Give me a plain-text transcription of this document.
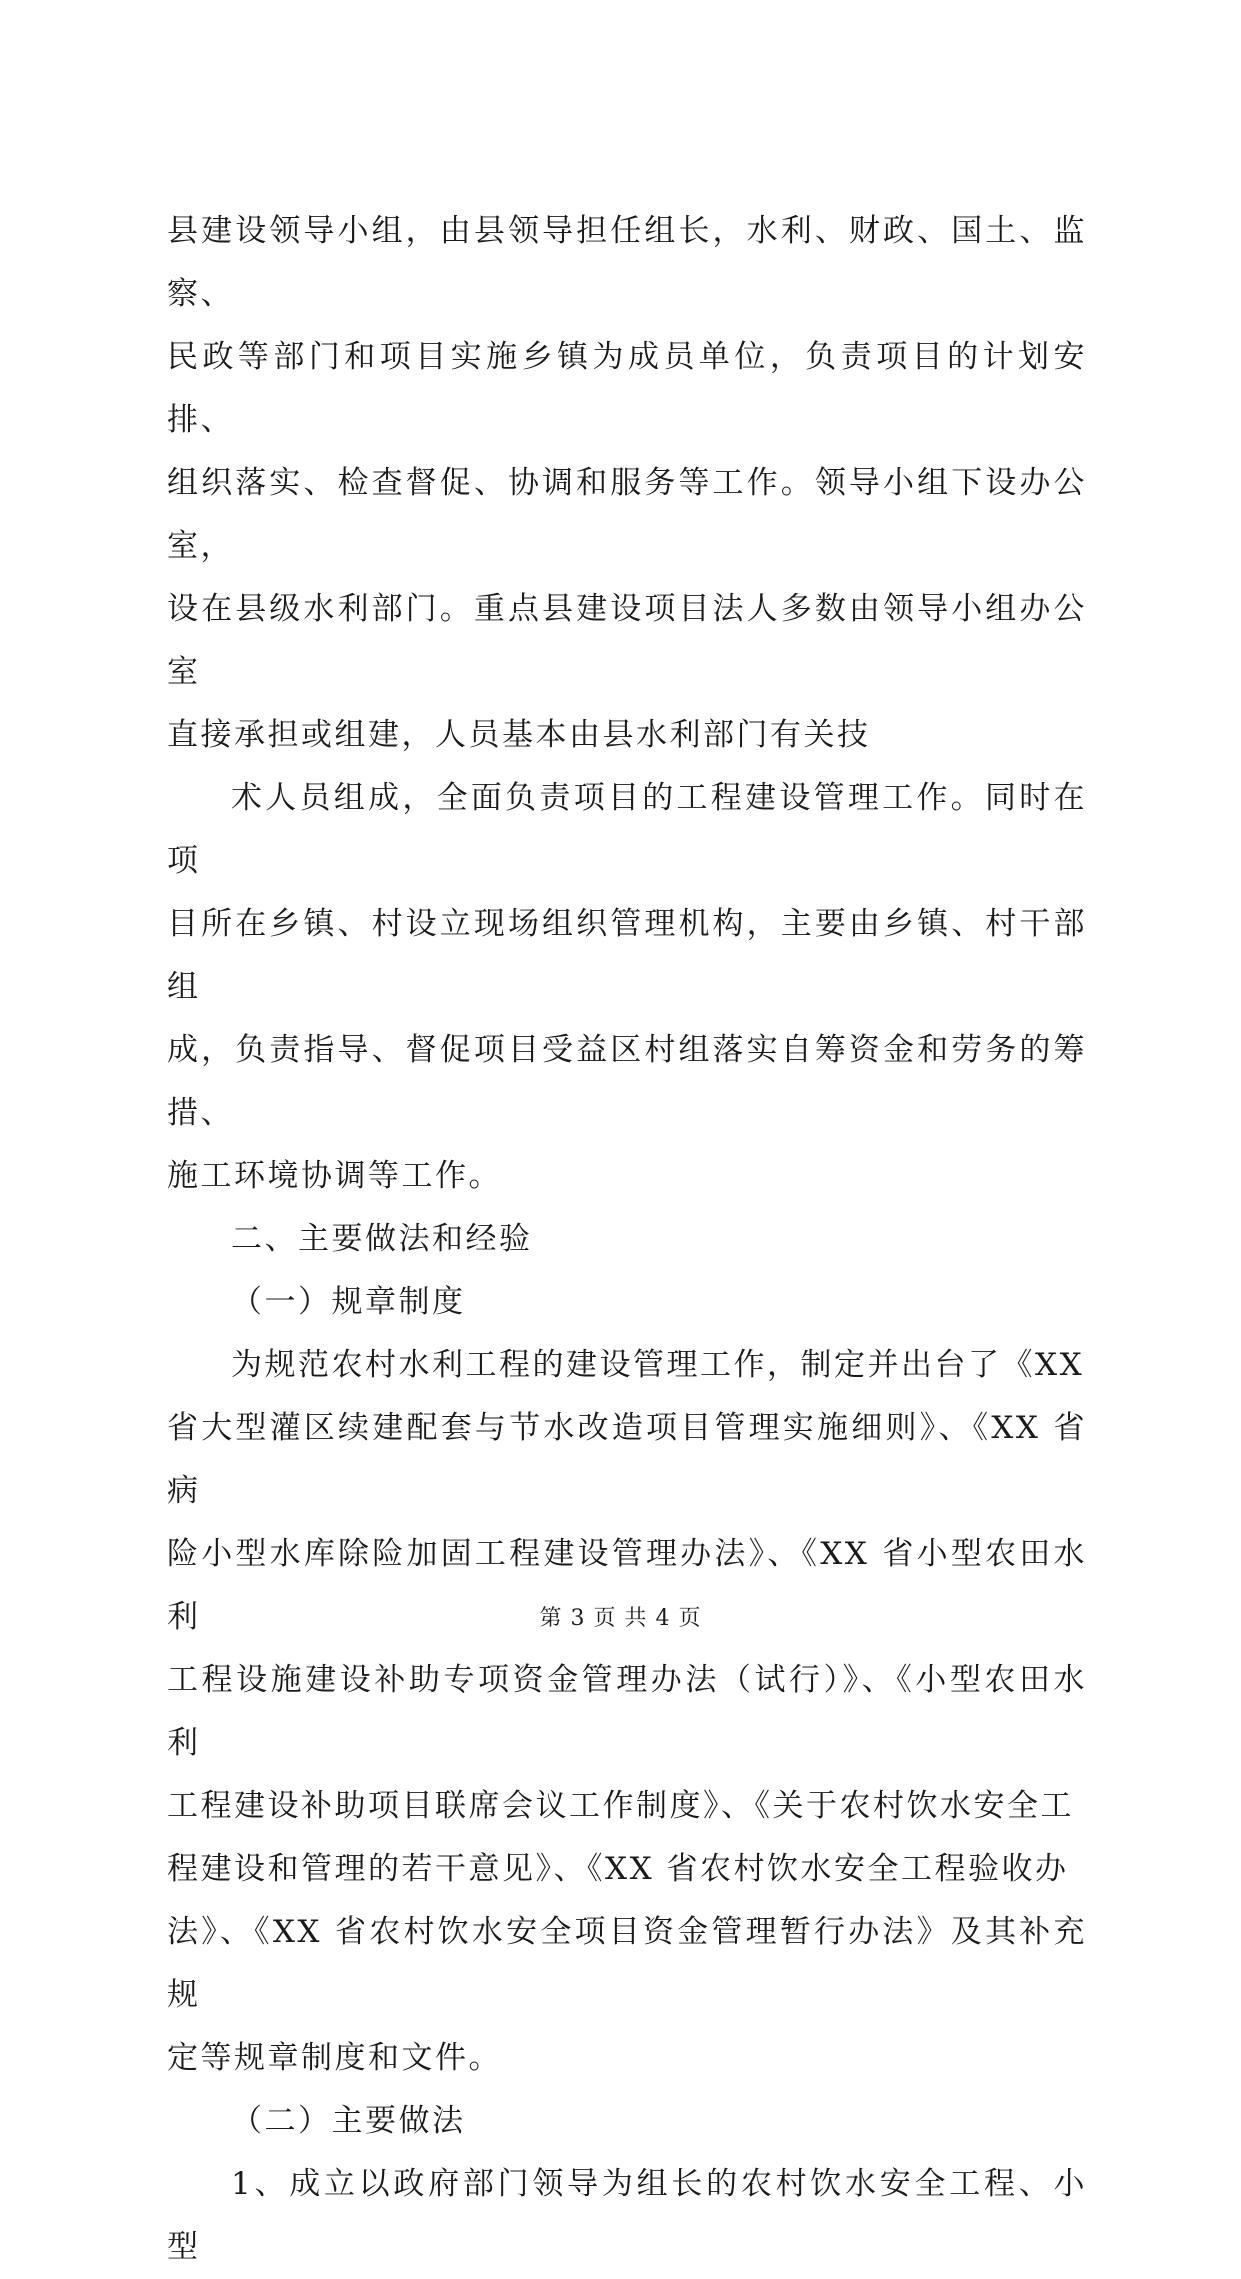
县建设领导小组，由县领导担任组长，水利、财政、国土、监察、
民政等部门和项目实施乡镇为成员单位，负责项目的计划安排、
组织落实、检查督促、协调和服务等工作。领导小组下设办公室，
设在县级水利部门。重点县建设项目法人多数由领导小组办公室
直接承担或组建，人员基本由县水利部门有关技

术人员组成，全面负责项目的工程建设管理工作。同时在项
目所在乡镇、村设立现场组织管理机构，主要由乡镇、村干部组
成，负责指导、督促项目受益区村组落实自筹资金和劳务的筹措、
施工环境协调等工作。

二、主要做法和经验

（一）规章制度

为规范农村水利工程的建设管理工作，制定并出台了《XX
省大型灌区续建配套与节水改造项目管理实施细则》、《XX 省病
险小型水库除险加固工程建设管理办法》、《XX 省小型农田水利
工程设施建设补助专项资金管理办法（试行）》、《小型农田水利
工程建设补助项目联席会议工作制度》、《关于农村饮水安全工
程建设和管理的若干意见》、《XX 省农村饮水安全工程验收办
法》、《XX 省农村饮水安全项目资金管理暂行办法》及其补充规
定等规章制度和文件。

（二）主要做法

1、成立以政府部门领导为组长的农村饮水安全工程、小型

第 3 页 共 4 页
